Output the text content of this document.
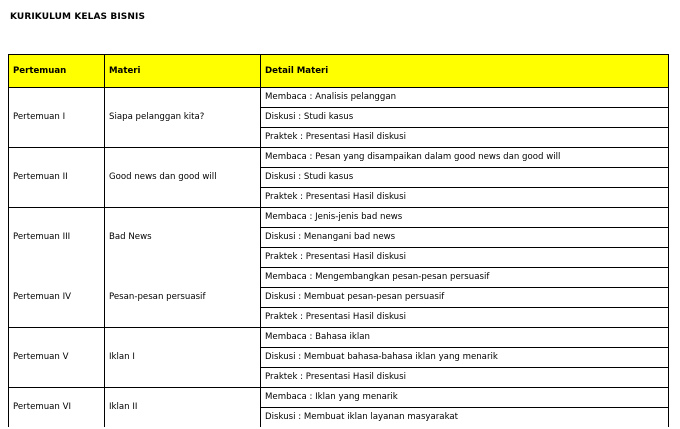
KURIKULUM KELAS BISNIS
Pertemuan	Materi	Detail Materi
Pertemuan I	Siapa pelanggan kita?	Membaca : Analisis pelanggan
		Diskusi : Studi kasus
		Praktek : Presentasi Hasil diskusi
Pertemuan II	Good news dan good will	Membaca : Pesan yang disampaikan dalam good news dan good will
		Diskusi : Studi kasus
		Praktek : Presentasi Hasil diskusi
Pertemuan III	Bad News	Membaca : Jenis-jenis bad news
		Diskusi : Menangani bad news
		Praktek : Presentasi Hasil diskusi
Pertemuan IV	Pesan-pesan persuasif	Membaca : Mengembangkan pesan-pesan persuasif
		Diskusi : Membuat pesan-pesan persuasif
		Praktek : Presentasi Hasil diskusi
Pertemuan V	Iklan I	Membaca : Bahasa iklan
		Diskusi : Membuat bahasa-bahasa iklan yang menarik
		Praktek : Presentasi Hasil diskusi
Pertemuan VI	Iklan II	Membaca : Iklan yang menarik
		Diskusi : Membuat iklan layanan masyarakat
